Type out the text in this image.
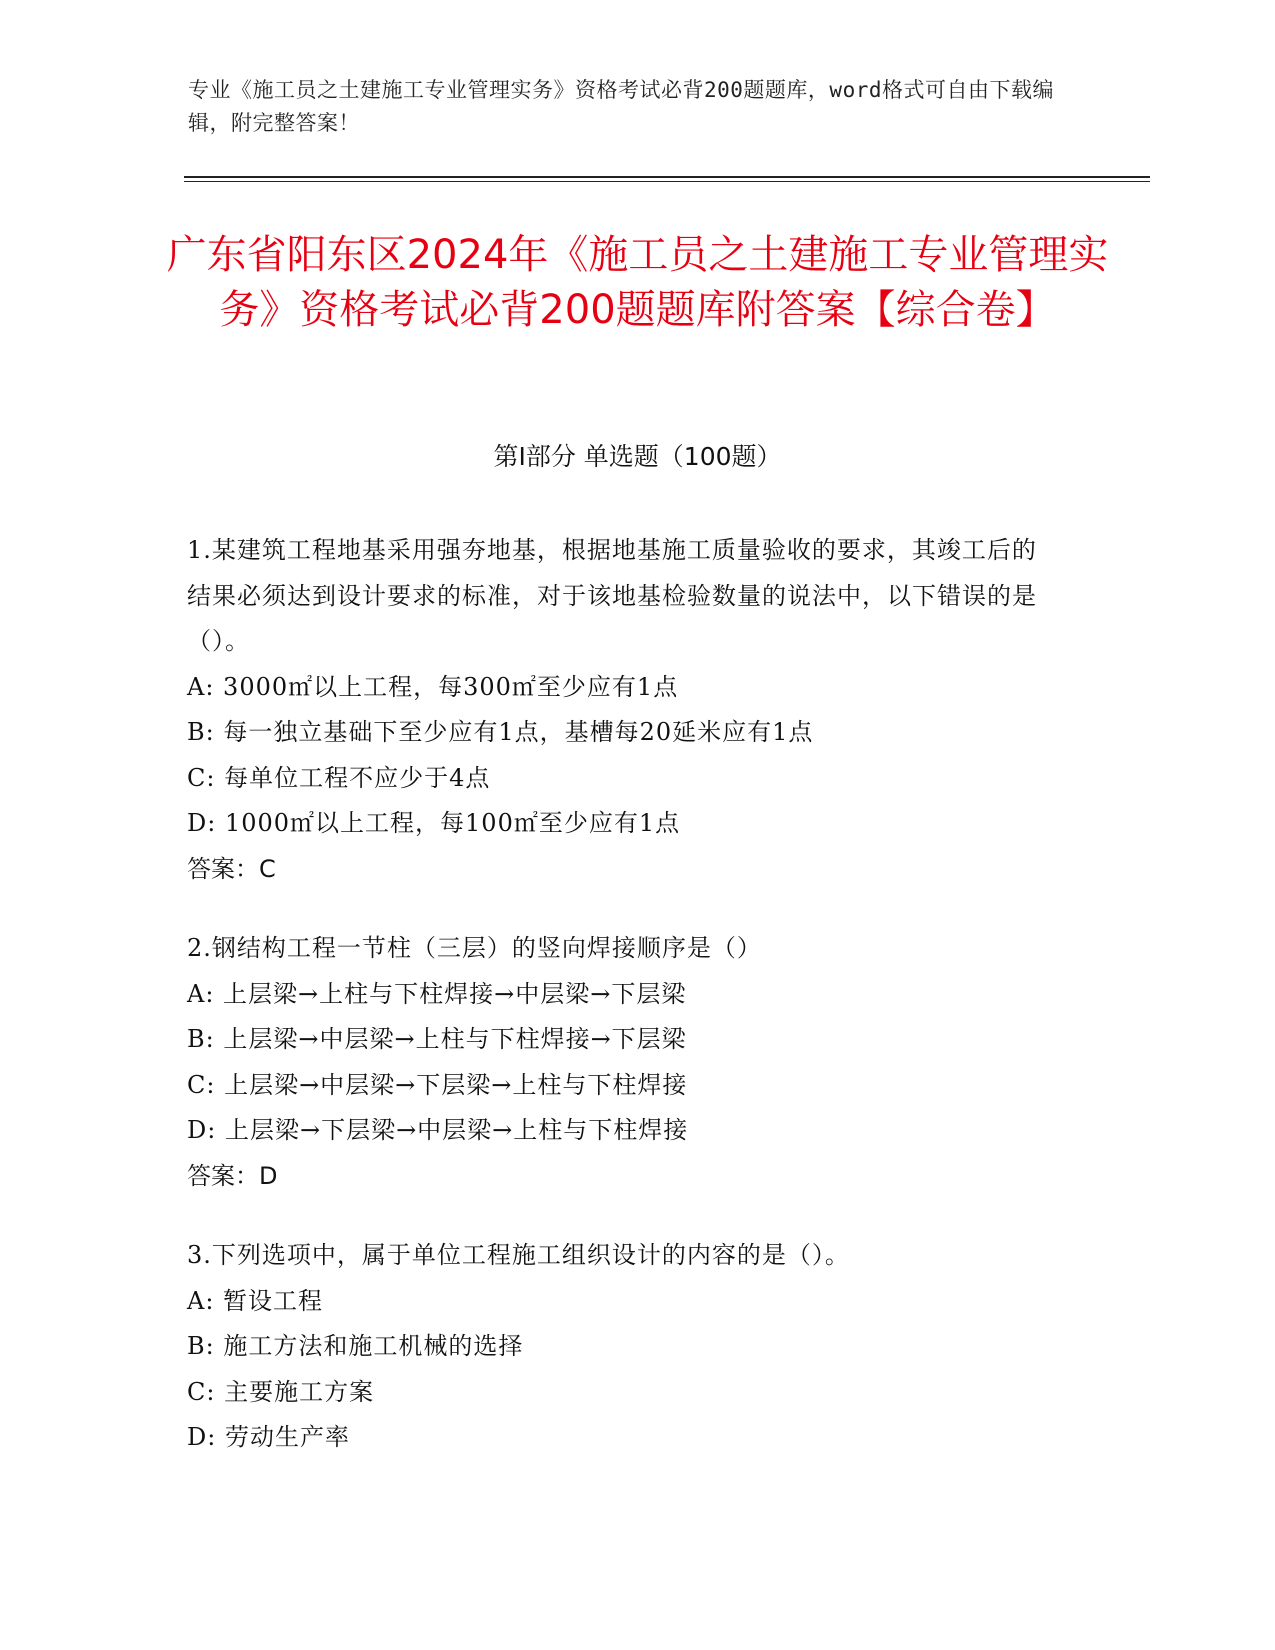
专业《施工员之土建施工专业管理实务》资格考试必背200题题库，word格式可自由下载编辑，附完整答案！
广东省阳东区2024年《施工员之土建施工专业管理实务》资格考试必背200题题库附答案【综合卷】
第Ⅰ部分 单选题（100题）
1.某建筑工程地基采用强夯地基，根据地基施工质量验收的要求，其竣工后的结果必须达到设计要求的标准，对于该地基检验数量的说法中，以下错误的是（）。
A: 3000㎡以上工程，每300㎡至少应有1点
B: 每一独立基础下至少应有1点，基槽每20延米应有1点
C: 每单位工程不应少于4点
D: 1000㎡以上工程，每100㎡至少应有1点
答案：C
2.钢结构工程一节柱（三层）的竖向焊接顺序是（）
A: 上层梁→上柱与下柱焊接→中层梁→下层梁
B: 上层梁→中层梁→上柱与下柱焊接→下层梁
C: 上层梁→中层梁→下层梁→上柱与下柱焊接
D: 上层梁→下层梁→中层梁→上柱与下柱焊接
答案：D
3.下列选项中，属于单位工程施工组织设计的内容的是（）。
A: 暂设工程
B: 施工方法和施工机械的选择
C: 主要施工方案
D: 劳动生产率
